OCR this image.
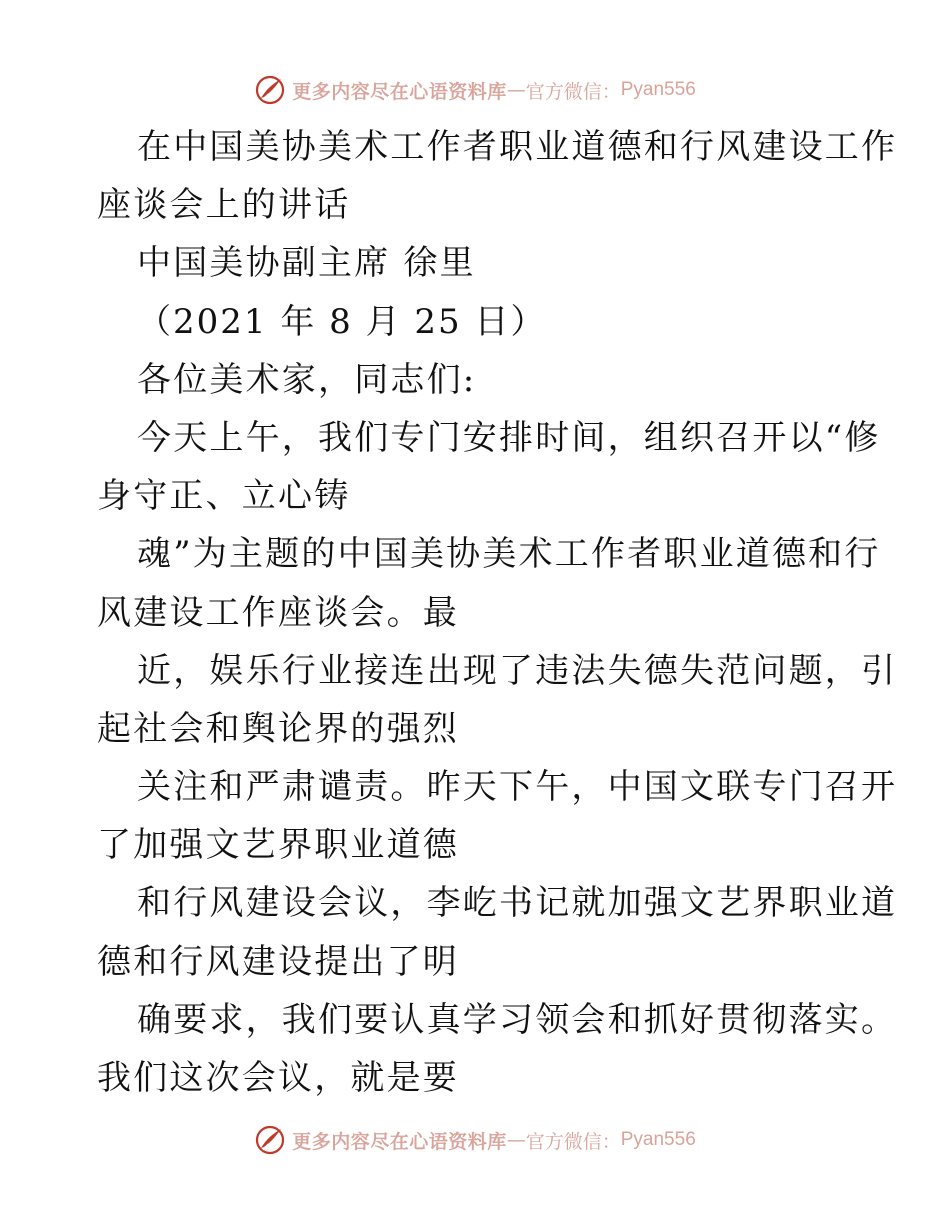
更多内容尽在心语资料库 — 官方微信： Pyan556
在中国美协美术工作者职业道德和行风建设工作
座谈会上的讲话
中国美协副主席 徐里
（2021 年 8 月 25 日）
各位美术家，同志们:
今天上午，我们专门安排时间，组织召开以“修
身守正、立心铸
魂”为主题的中国美协美术工作者职业道德和行
风建设工作座谈会。最
近，娱乐行业接连出现了违法失德失范问题，引
起社会和舆论界的强烈
关注和严肃谴责。昨天下午，中国文联专门召开
了加强文艺界职业道德
和行风建设会议，李屹书记就加强文艺界职业道
德和行风建设提出了明
确要求，我们要认真学习领会和抓好贯彻落实。
我们这次会议，就是要
更多内容尽在心语资料库 — 官方微信： Pyan556
